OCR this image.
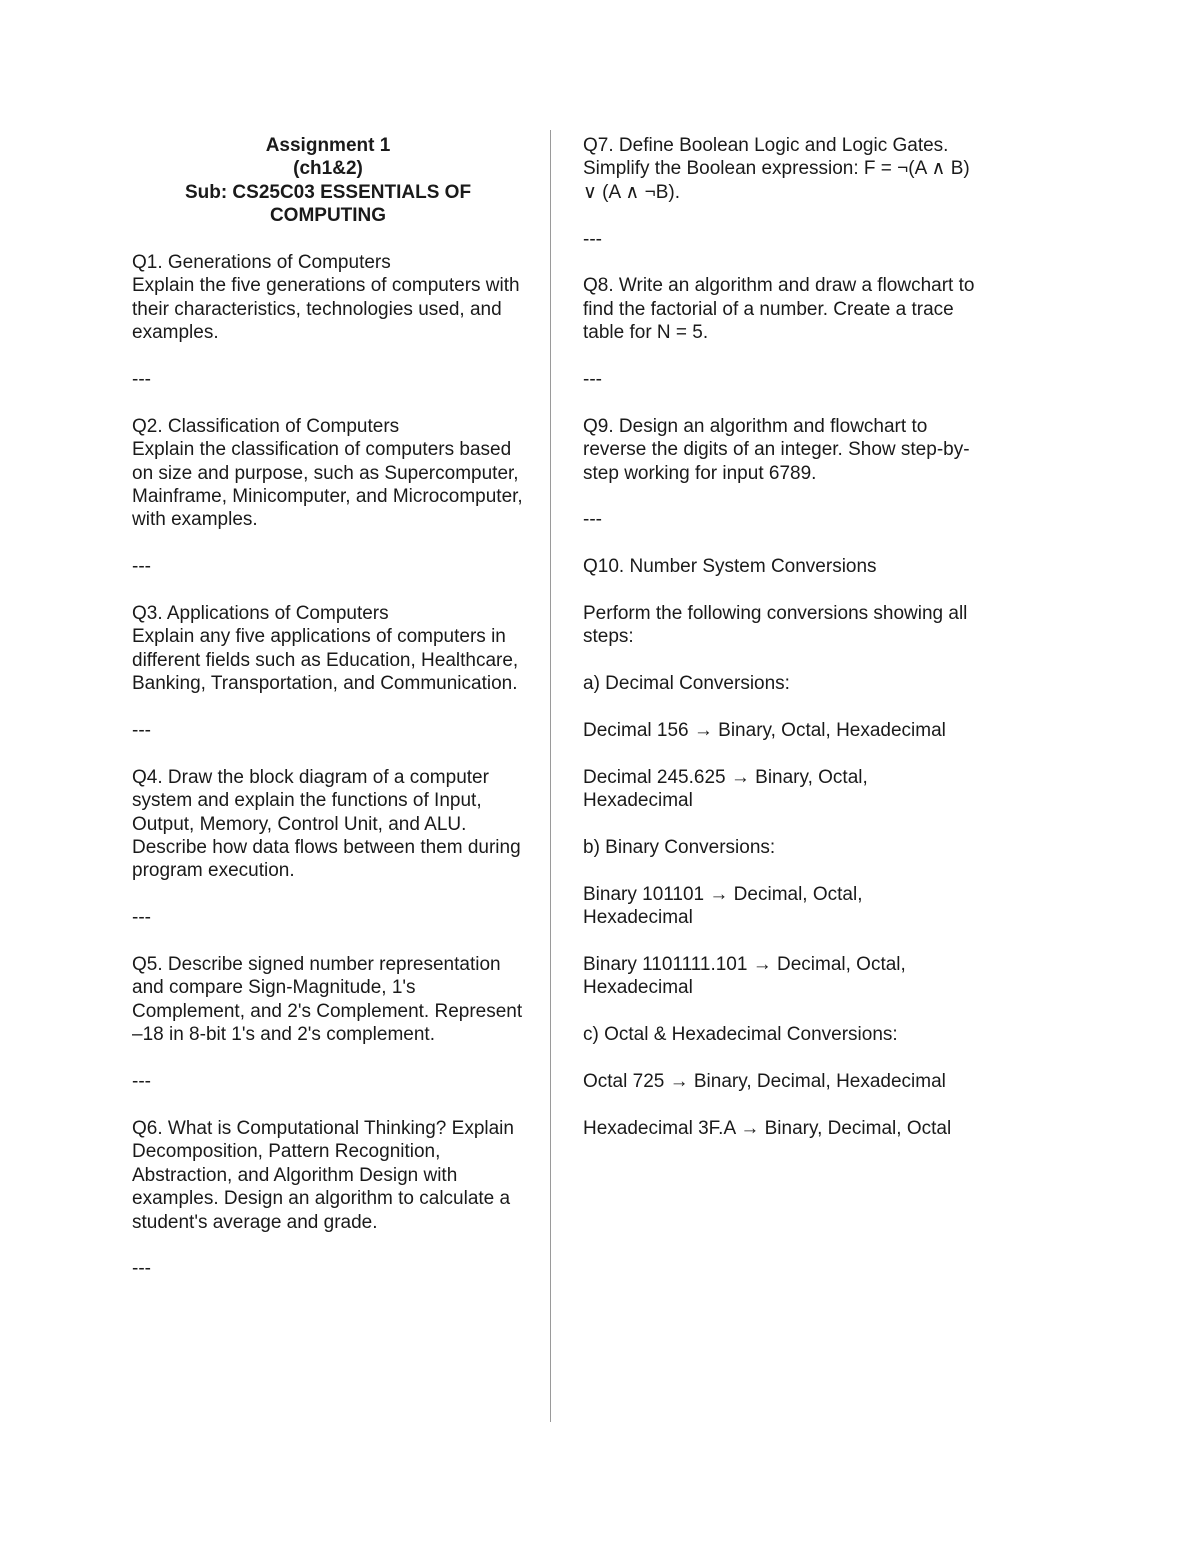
Assignment 1
(ch1&2)
Sub: CS25C03 ESSENTIALS OF
COMPUTING
Q1. Generations of Computers
Explain the five generations of computers with their characteristics, technologies used, and examples.
---
Q2. Classification of Computers
Explain the classification of computers based on size and purpose, such as Supercomputer, Mainframe, Minicomputer, and Microcomputer, with examples.
---
Q3. Applications of Computers
Explain any five applications of computers in different fields such as Education, Healthcare, Banking, Transportation, and Communication.
---

Q4. Draw the block diagram of a computer system and explain the functions of Input, Output, Memory, Control Unit, and ALU. Describe how data flows between them during program execution.

---

Q5. Describe signed number representation and compare Sign-Magnitude, 1's Complement, and 2's Complement. Represent –18 in 8-bit 1's and 2's complement.

---

Q6. What is Computational Thinking? Explain Decomposition, Pattern Recognition, Abstraction, and Algorithm Design with examples. Design an algorithm to calculate a student's average and grade.

---

Q7. Define Boolean Logic and Logic Gates. Simplify the Boolean expression: F = ¬(A ∧ B) ∨ (A ∧ ¬B).

---

Q8. Write an algorithm and draw a flowchart to find the factorial of a number. Create a trace table for N = 5.

---

Q9. Design an algorithm and flowchart to reverse the digits of an integer. Show step-by-step working for input 6789.

---

Q10. Number System Conversions

Perform the following conversions showing all steps:

a) Decimal Conversions:

Decimal 156 → Binary, Octal, Hexadecimal

Decimal 245.625 → Binary, Octal, Hexadecimal

b) Binary Conversions:

Binary 101101 → Decimal, Octal, Hexadecimal

Binary 1101111.101 → Decimal, Octal, Hexadecimal

c) Octal & Hexadecimal Conversions:

Octal 725 → Binary, Decimal, Hexadecimal

Hexadecimal 3F.A → Binary, Decimal, Octal
